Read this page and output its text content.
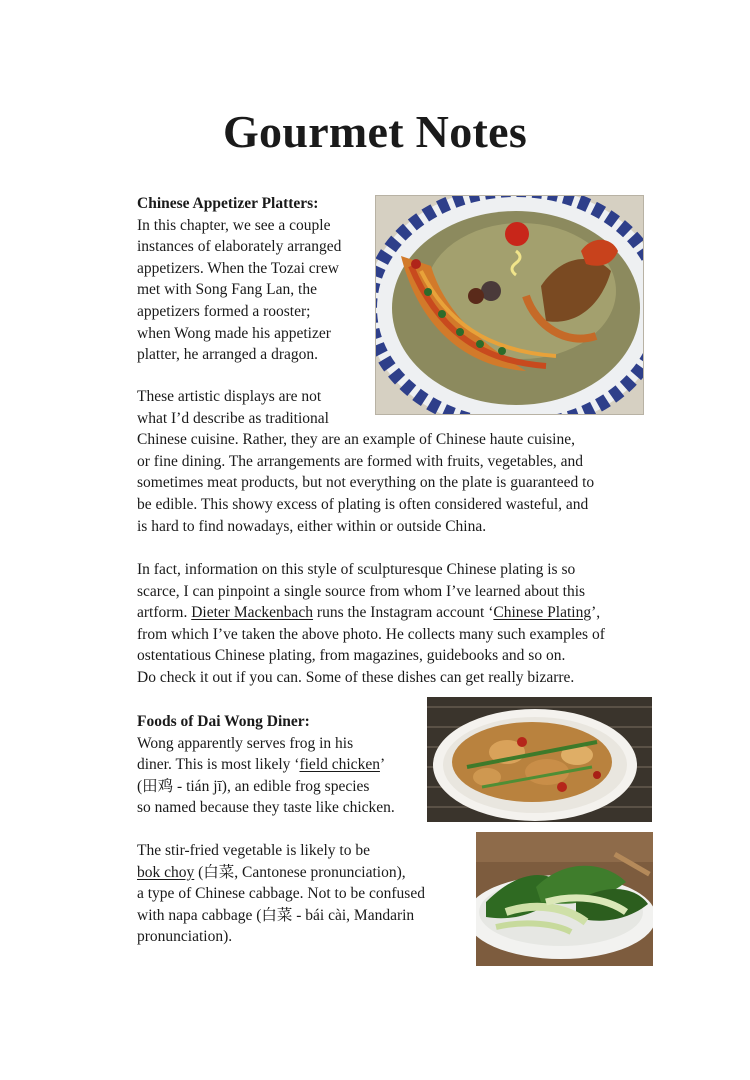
Gourmet Notes

Chinese Appetizer Platters:

In this chapter, we see a couple

instances of elaborately arranged

appetizers. When the Tozai crew

met with Song Fang Lan, the

appetizers formed a rooster;

when Wong made his appetizer

platter, he arranged a dragon.

These artistic displays are not

what I’d describe as traditional

Chinese cuisine. Rather, they are an example of Chinese haute cuisine,

or fine dining. The arrangements are formed with fruits, vegetables, and

sometimes meat products, but not everything on the plate is guaranteed to

be edible. This showy excess of plating is often considered wasteful, and

is hard to find nowadays, either within or outside China.

In fact, information on this style of sculpturesque Chinese plating is so

scarce, I can pinpoint a single source from whom I’ve learned about this

artform. Dieter Mackenbach runs the Instagram account ‘Chinese Plating’,

from which I’ve taken the above photo. He collects many such examples of

ostentatious Chinese plating, from magazines, guidebooks and so on.

Do check it out if you can. Some of these dishes can get really bizarre.

Foods of Dai Wong Diner:

Wong apparently serves frog in his

diner. This is most likely ‘field chicken’

(田鸡 - tián jī), an edible frog species

so named because they taste like chicken.

The stir-fried vegetable is likely to be

bok choy (白菜, Cantonese pronunciation),

a type of Chinese cabbage. Not to be confused

with napa cabbage (白菜 - bái cài, Mandarin

pronunciation).
